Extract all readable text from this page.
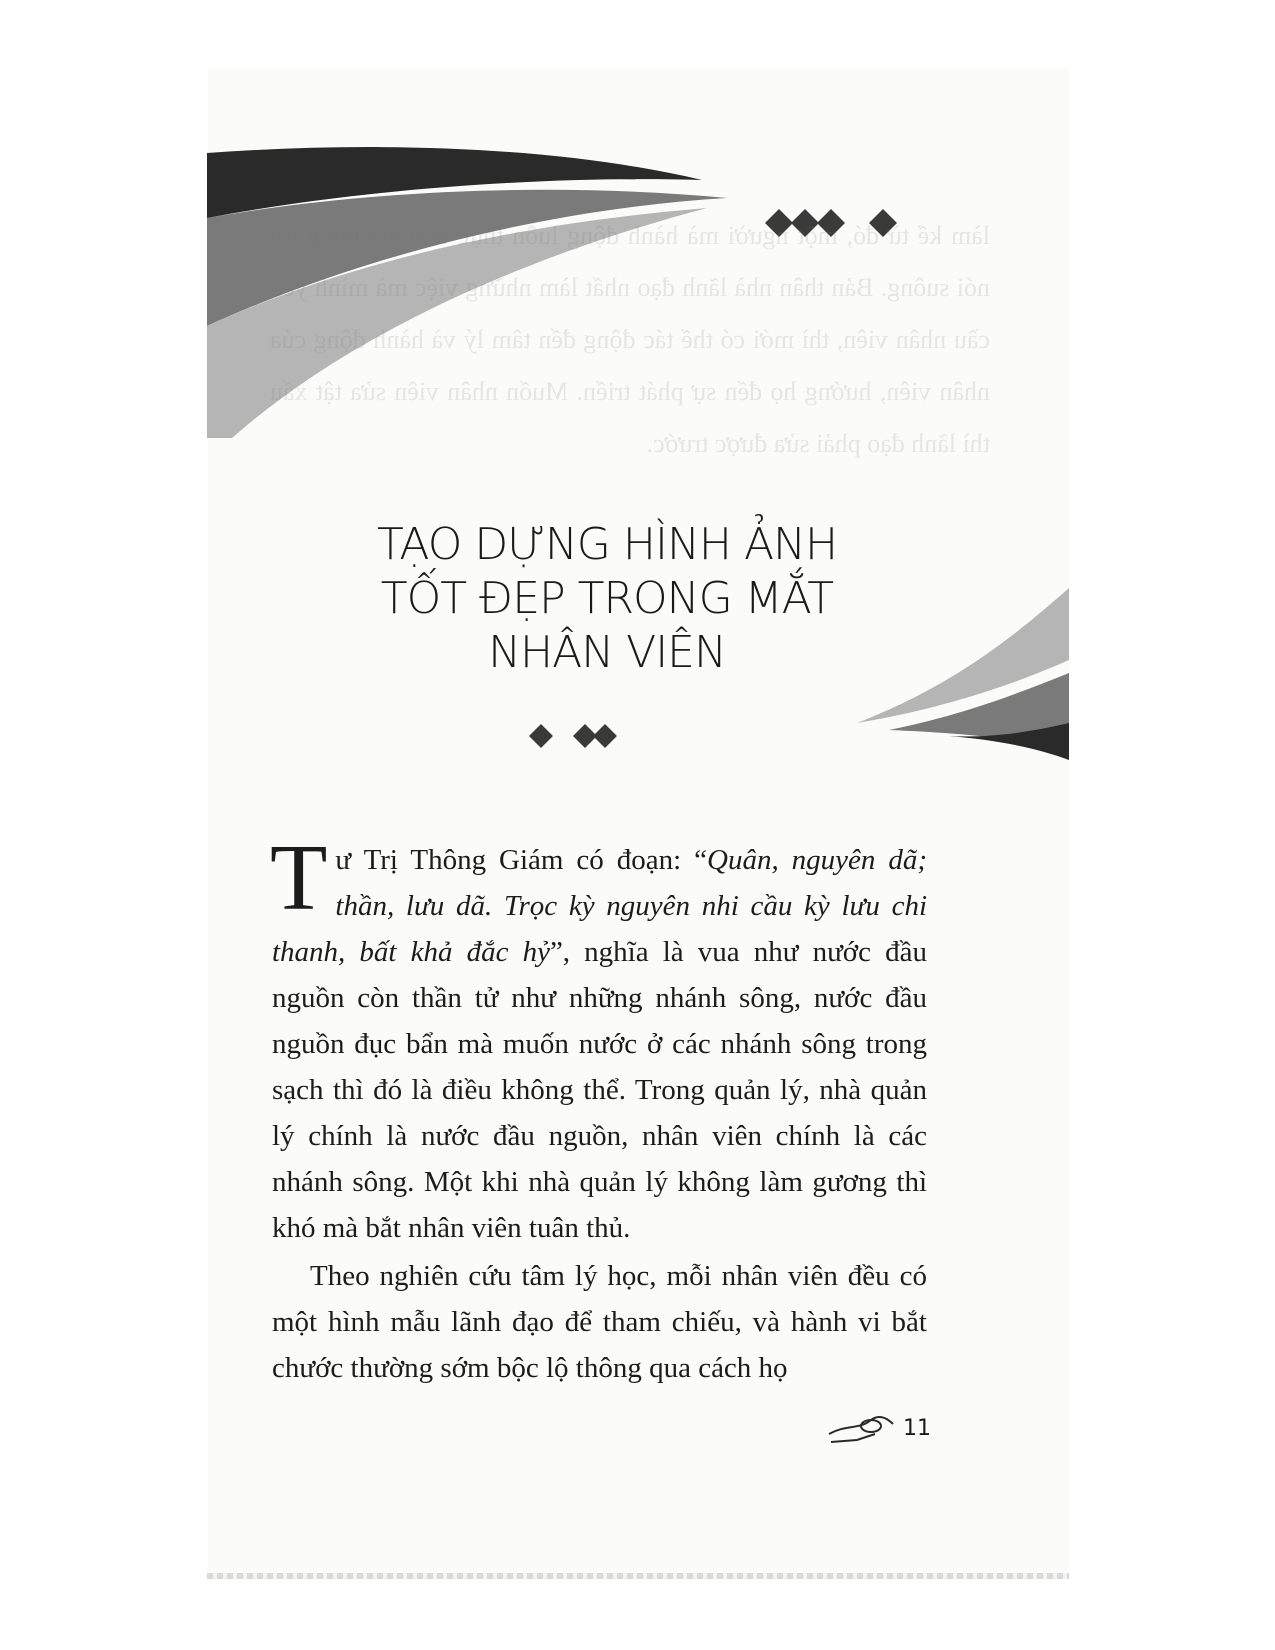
TẠO DỰNG HÌNH ẢNH
TỐT ĐẸP TRONG MẮT
NHÂN VIÊN

Tư Trị Thông Giám có đoạn: “Quân, nguyên dã; thần, lưu dã. Trọc kỳ nguyên nhi cầu kỳ lưu chi thanh, bất khả đắc hỷ”, nghĩa là vua như nước đầu nguồn còn thần tử như những nhánh sông, nước đầu nguồn đục bẩn mà muốn nước ở các nhánh sông trong sạch thì đó là điều không thể. Trong quản lý, nhà quản lý chính là nước đầu nguồn, nhân viên chính là các nhánh sông. Một khi nhà quản lý không làm gương thì khó mà bắt nhân viên tuân thủ.

Theo nghiên cứu tâm lý học, mỗi nhân viên đều có một hình mẫu lãnh đạo để tham chiếu, và hành vi bắt chước thường sớm bộc lộ thông qua cách họ

11
